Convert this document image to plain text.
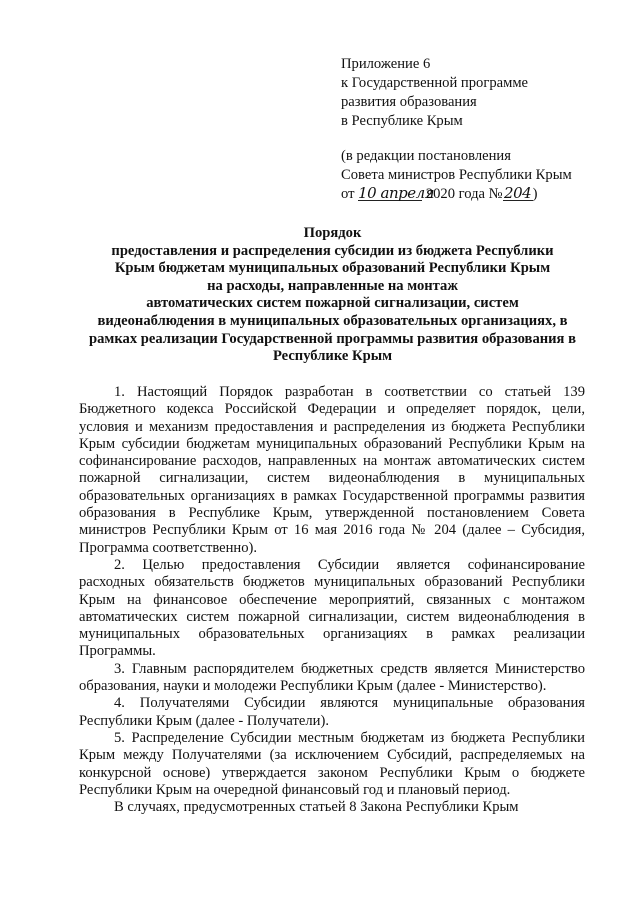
Приложение 6
к Государственной программе
развития образования
в Республике Крым
(в редакции постановления
Совета министров Республики Крым
от 10 апреля 2020 года №204)
Порядок
предоставления и распределения субсидии из бюджета Республики
Крым бюджетам муниципальных образований Республики Крым
на расходы, направленные на монтаж
автоматических систем пожарной сигнализации, систем
видеонаблюдения в муниципальных образовательных организациях, в
рамках реализации Государственной программы развития образования в
Республике Крым

1. Настоящий Порядок разработан в соответствии со статьей 139 Бюджетного кодекса Российской Федерации и определяет порядок, цели, условия и механизм предоставления и распределения из бюджета Республики Крым субсидии бюджетам муниципальных образований Республики Крым на софинансирование расходов, направленных на монтаж автоматических систем пожарной сигнализации, систем видеонаблюдения в муниципальных образовательных организациях в рамках Государственной программы развития образования в Республике Крым, утвержденной постановлением Совета министров Республики Крым от 16 мая 2016 года № 204 (далее – Субсидия, Программа соответственно).

2. Целью предоставления Субсидии является софинансирование расходных обязательств бюджетов муниципальных образований Республики Крым на финансовое обеспечение мероприятий, связанных с монтажом автоматических систем пожарной сигнализации, систем видеонаблюдения в муниципальных образовательных организациях в рамках реализации Программы.

3. Главным распорядителем бюджетных средств является Министерство образования, науки и молодежи Республики Крым (далее - Министерство).

4. Получателями Субсидии являются муниципальные образования Республики Крым (далее - Получатели).

5. Распределение Субсидии местным бюджетам из бюджета Республики Крым между Получателями (за исключением Субсидий, распределяемых на конкурсной основе) утверждается законом Республики Крым о бюджете Республики Крым на очередной финансовый год и плановый период.

В случаях, предусмотренных статьей 8 Закона Республики Крым
